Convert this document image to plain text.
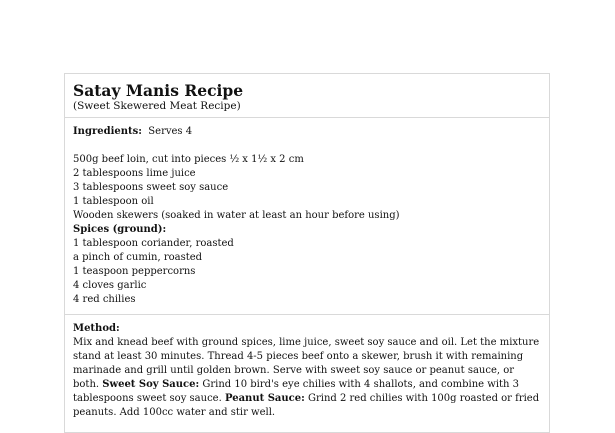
Satay Manis Recipe
(Sweet Skewered Meat Recipe)
Ingredients: Serves 4
500g beef loin, cut into pieces ½ x 1½ x 2 cm
2 tablespoons lime juice
3 tablespoons sweet soy sauce
1 tablespoon oil
Wooden skewers (soaked in water at least an hour before using)
Spices (ground):
1 tablespoon coriander, roasted
a pinch of cumin, roasted
1 teaspoon peppercorns
4 cloves garlic
4 red chilies
Method:
Mix and knead beef with ground spices, lime juice, sweet soy sauce and oil. Let the mixture stand at least 30 minutes. Thread 4-5 pieces beef onto a skewer, brush it with remaining marinade and grill until golden brown. Serve with sweet soy sauce or peanut sauce, or both. Sweet Soy Sauce: Grind 10 bird's eye chilies with 4 shallots, and combine with 3 tablespoons sweet soy sauce. Peanut Sauce: Grind 2 red chilies with 100g roasted or fried peanuts. Add 100cc water and stir well.
